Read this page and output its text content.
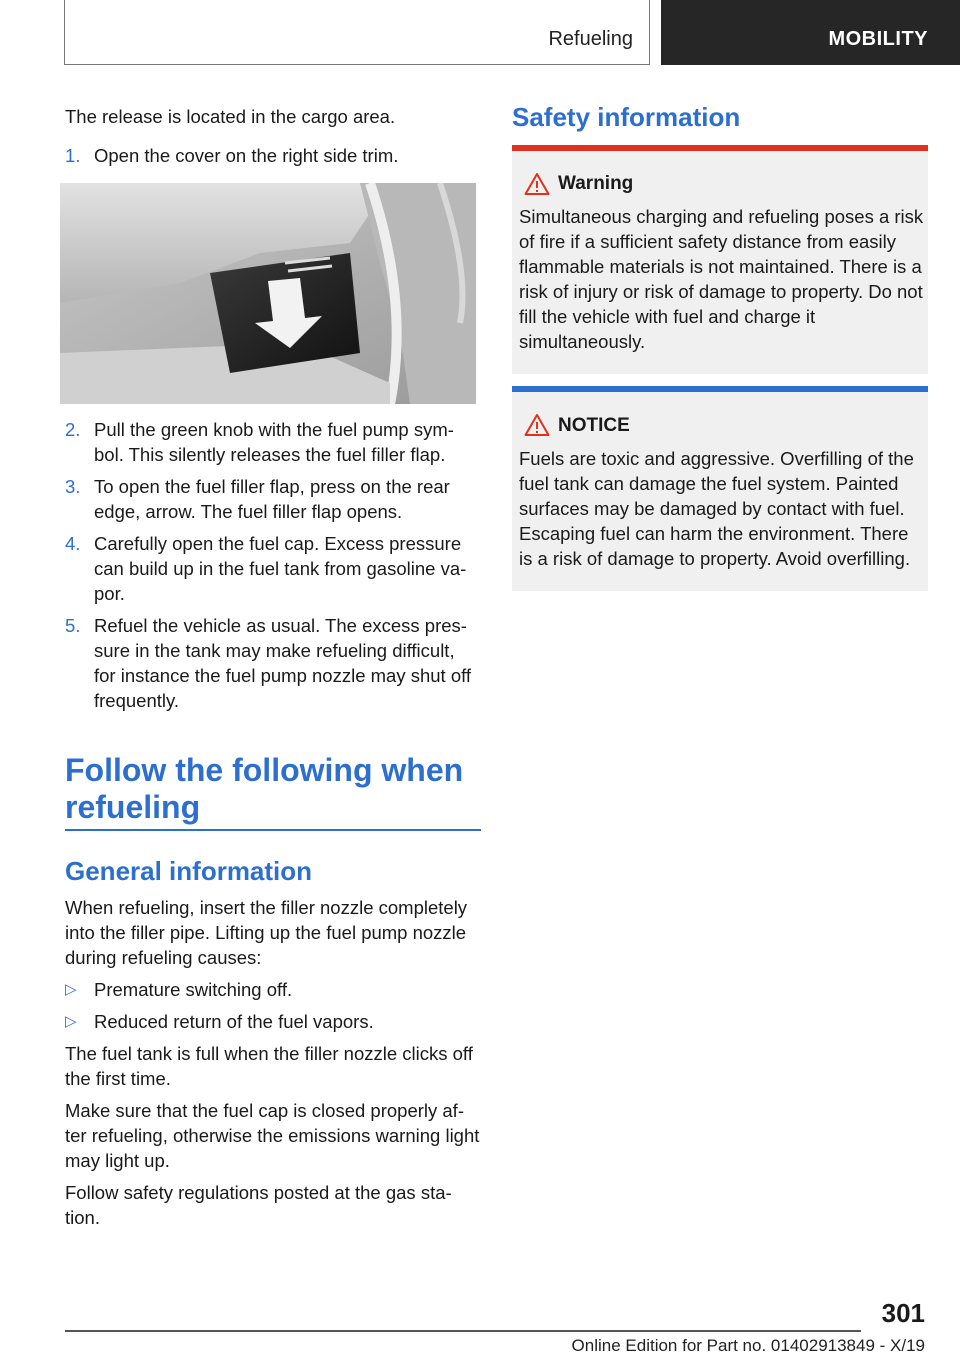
Refueling	MOBILITY
The release is located in the cargo area.
1. Open the cover on the right side trim.
2. Pull the green knob with the fuel pump sym-bol. This silently releases the fuel filler flap.
3. To open the fuel filler flap, press on the rear edge, arrow. The fuel filler flap opens.
4. Carefully open the fuel cap. Excess pressure can build up in the fuel tank from gasoline va-por.
5. Refuel the vehicle as usual. The excess pres-sure in the tank may make refueling difficult, for instance the fuel pump nozzle may shut off frequently.
Follow the following when refueling
General information
When refueling, insert the filler nozzle completely into the filler pipe. Lifting up the fuel pump nozzle during refueling causes:
▷ Premature switching off.
▷ Reduced return of the fuel vapors.
The fuel tank is full when the filler nozzle clicks off the first time.
Make sure that the fuel cap is closed properly af-ter refueling, otherwise the emissions warning light may light up.
Follow safety regulations posted at the gas sta-tion.
Safety information
Warning
Simultaneous charging and refueling poses a risk of fire if a sufficient safety distance from easily flammable materials is not maintained. There is a risk of injury or risk of damage to property. Do not fill the vehicle with fuel and charge it simultaneously.
NOTICE
Fuels are toxic and aggressive. Overfilling of the fuel tank can damage the fuel system. Painted surfaces may be damaged by contact with fuel. Escaping fuel can harm the environment. There is a risk of damage to property. Avoid overfilling.
301
Online Edition for Part no. 01402913849 - X/19
